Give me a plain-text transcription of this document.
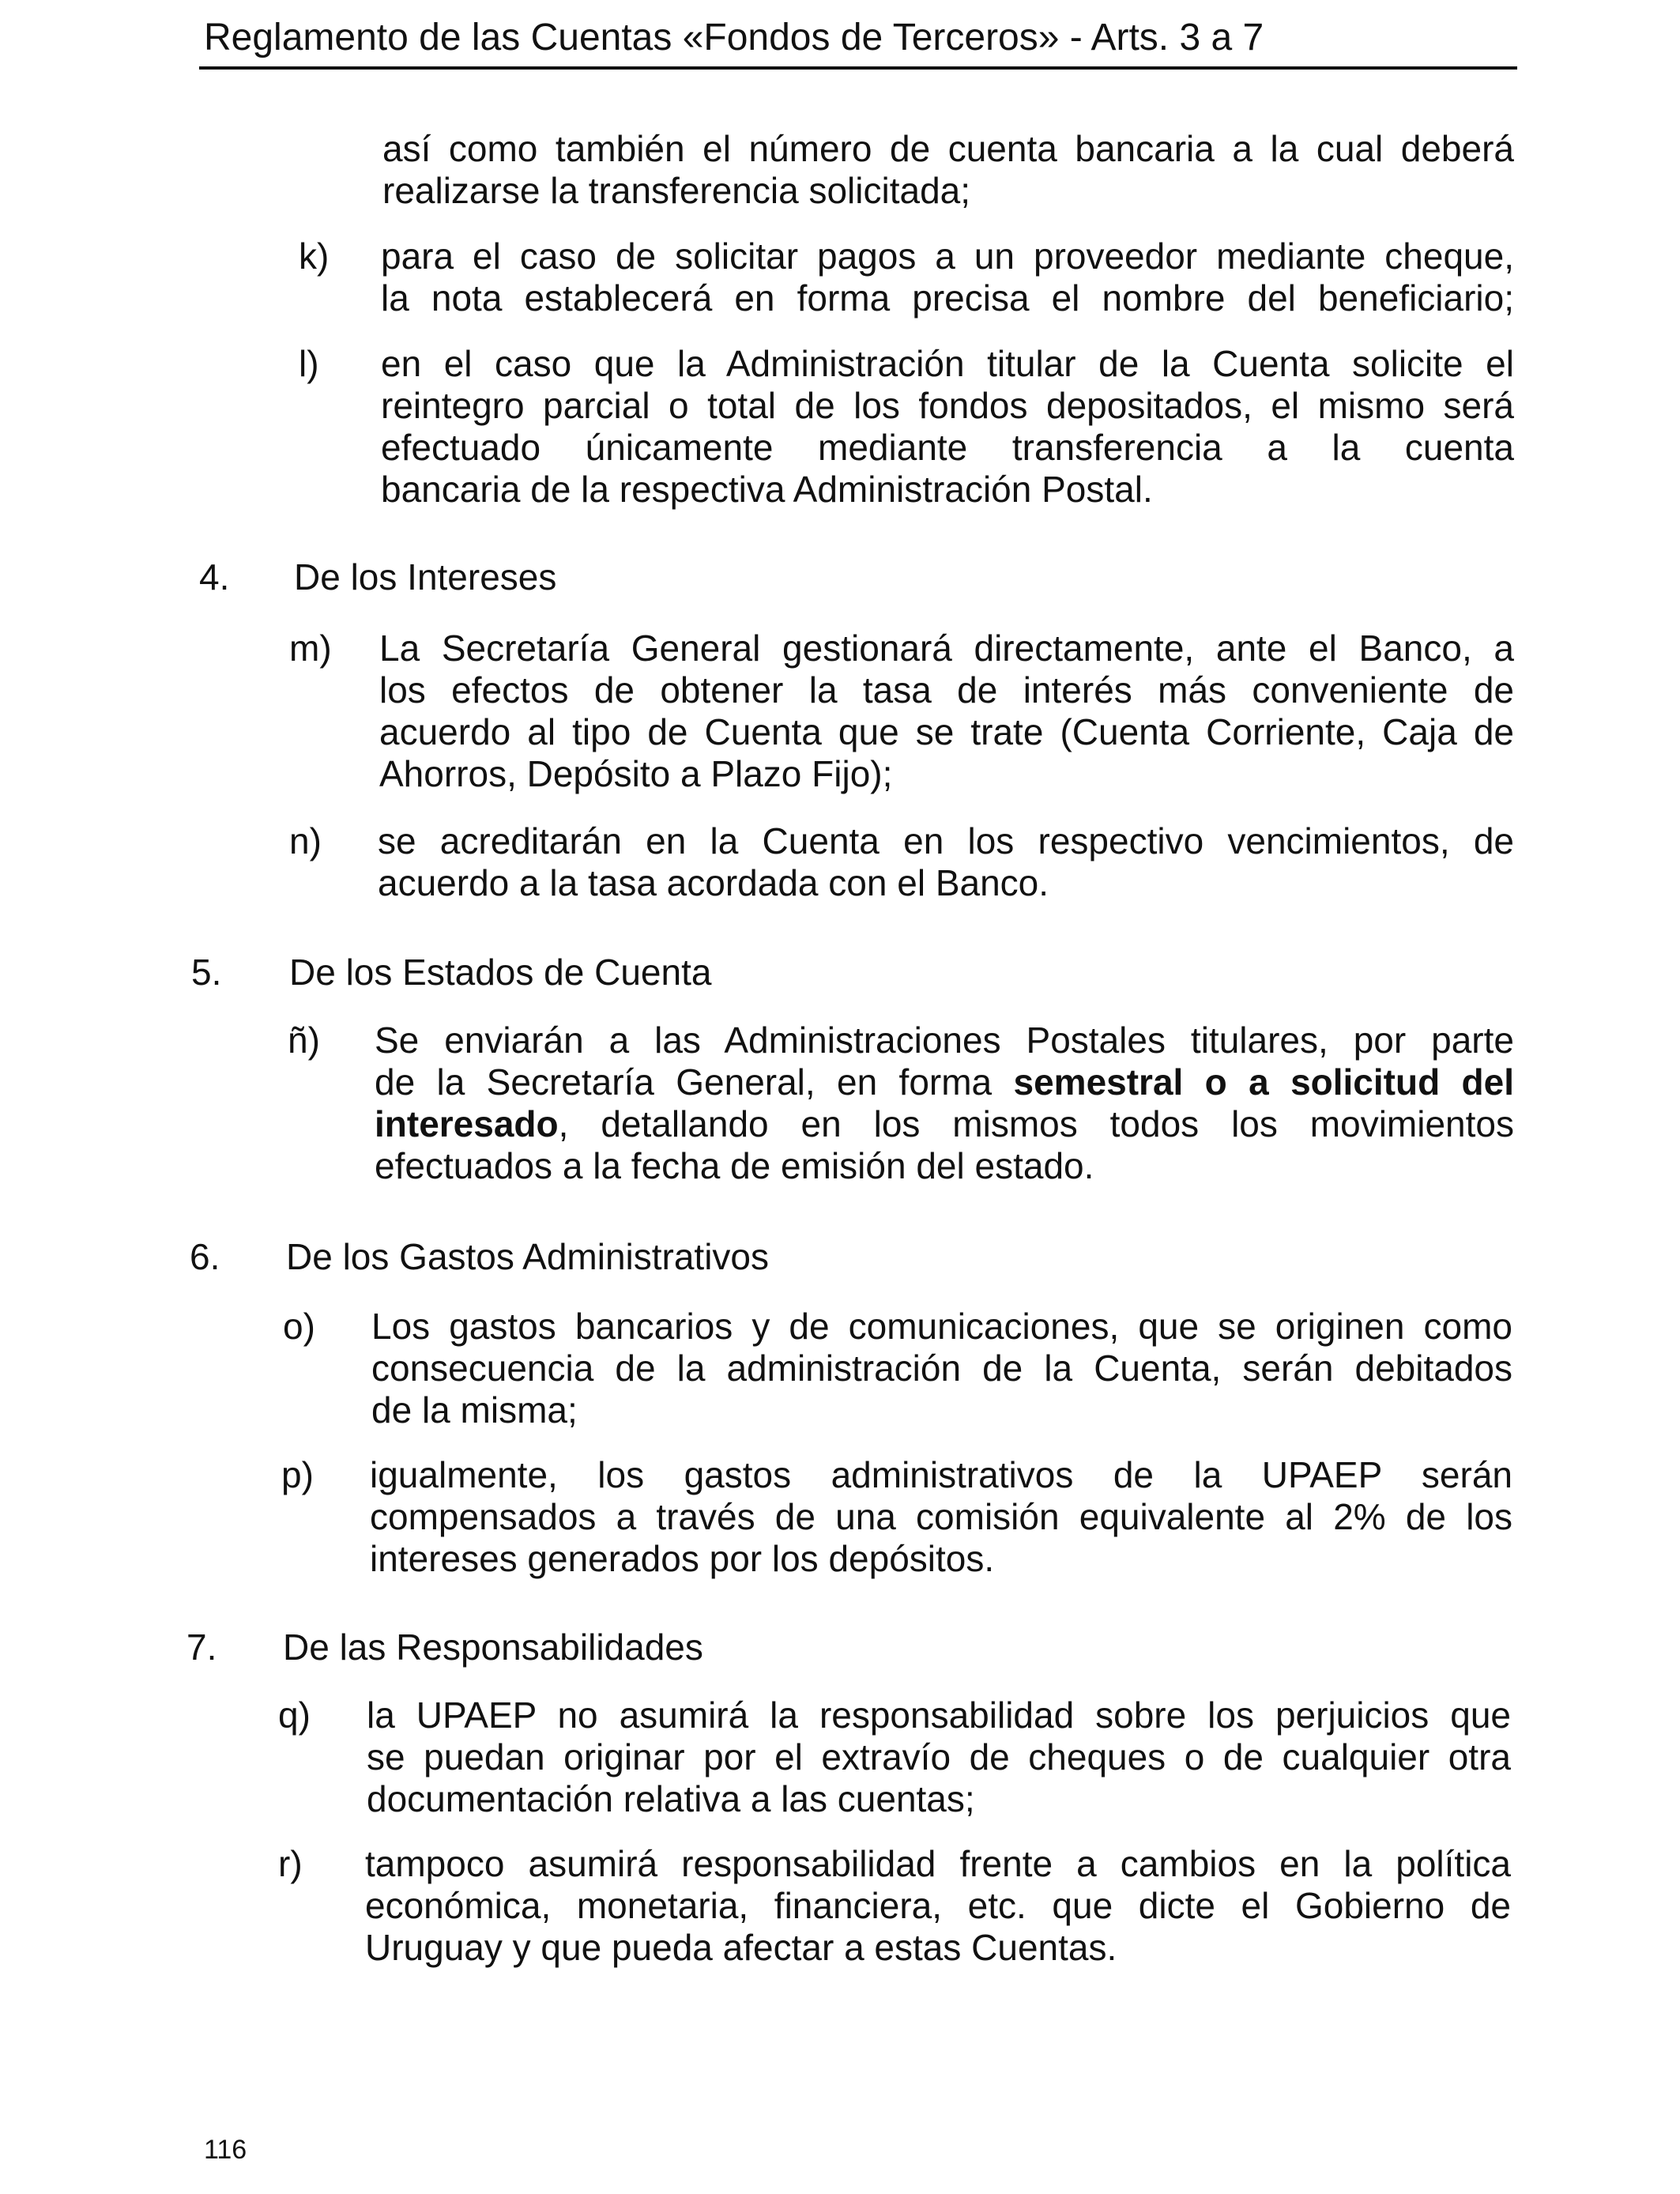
Reglamento de las Cuentas «Fondos de Terceros» - Arts. 3 a 7
así como también el número de cuenta bancaria a la cual deberá
realizarse la transferencia solicitada;
k) para el caso de solicitar pagos a un proveedor mediante cheque,
la nota establecerá en forma precisa el nombre del beneficiario;
l) en el caso que la Administración titular de la Cuenta solicite el
reintegro parcial o total de los fondos depositados, el mismo será
efectuado únicamente mediante transferencia a la cuenta
bancaria de la respectiva Administración Postal.
4. De los Intereses
m) La Secretaría General gestionará directamente, ante el Banco, a
los efectos de obtener la tasa de interés más conveniente de
acuerdo al tipo de Cuenta que se trate (Cuenta Corriente, Caja de
Ahorros, Depósito a Plazo Fijo);
n) se acreditarán en la Cuenta en los respectivo vencimientos, de
acuerdo a la tasa acordada con el Banco.
5. De los Estados de Cuenta
ñ) Se enviarán a las Administraciones Postales titulares, por parte
de la Secretaría General, en forma semestral o a solicitud del
interesado, detallando en los mismos todos los movimientos
efectuados a la fecha de emisión del estado.
6. De los Gastos Administrativos
o) Los gastos bancarios y de comunicaciones, que se originen como
consecuencia de la administración de la Cuenta, serán debitados
de la misma;
p) igualmente, los gastos administrativos de la UPAEP serán
compensados a través de una comisión equivalente al 2% de los
intereses generados por los depósitos.
7. De las Responsabilidades
q) la UPAEP no asumirá la responsabilidad sobre los perjuicios que
se puedan originar por el extravío de cheques o de cualquier otra
documentación relativa a las cuentas;
r) tampoco asumirá responsabilidad frente a cambios en la política
económica, monetaria, financiera, etc. que dicte el Gobierno de
Uruguay y que pueda afectar a estas Cuentas.
116
